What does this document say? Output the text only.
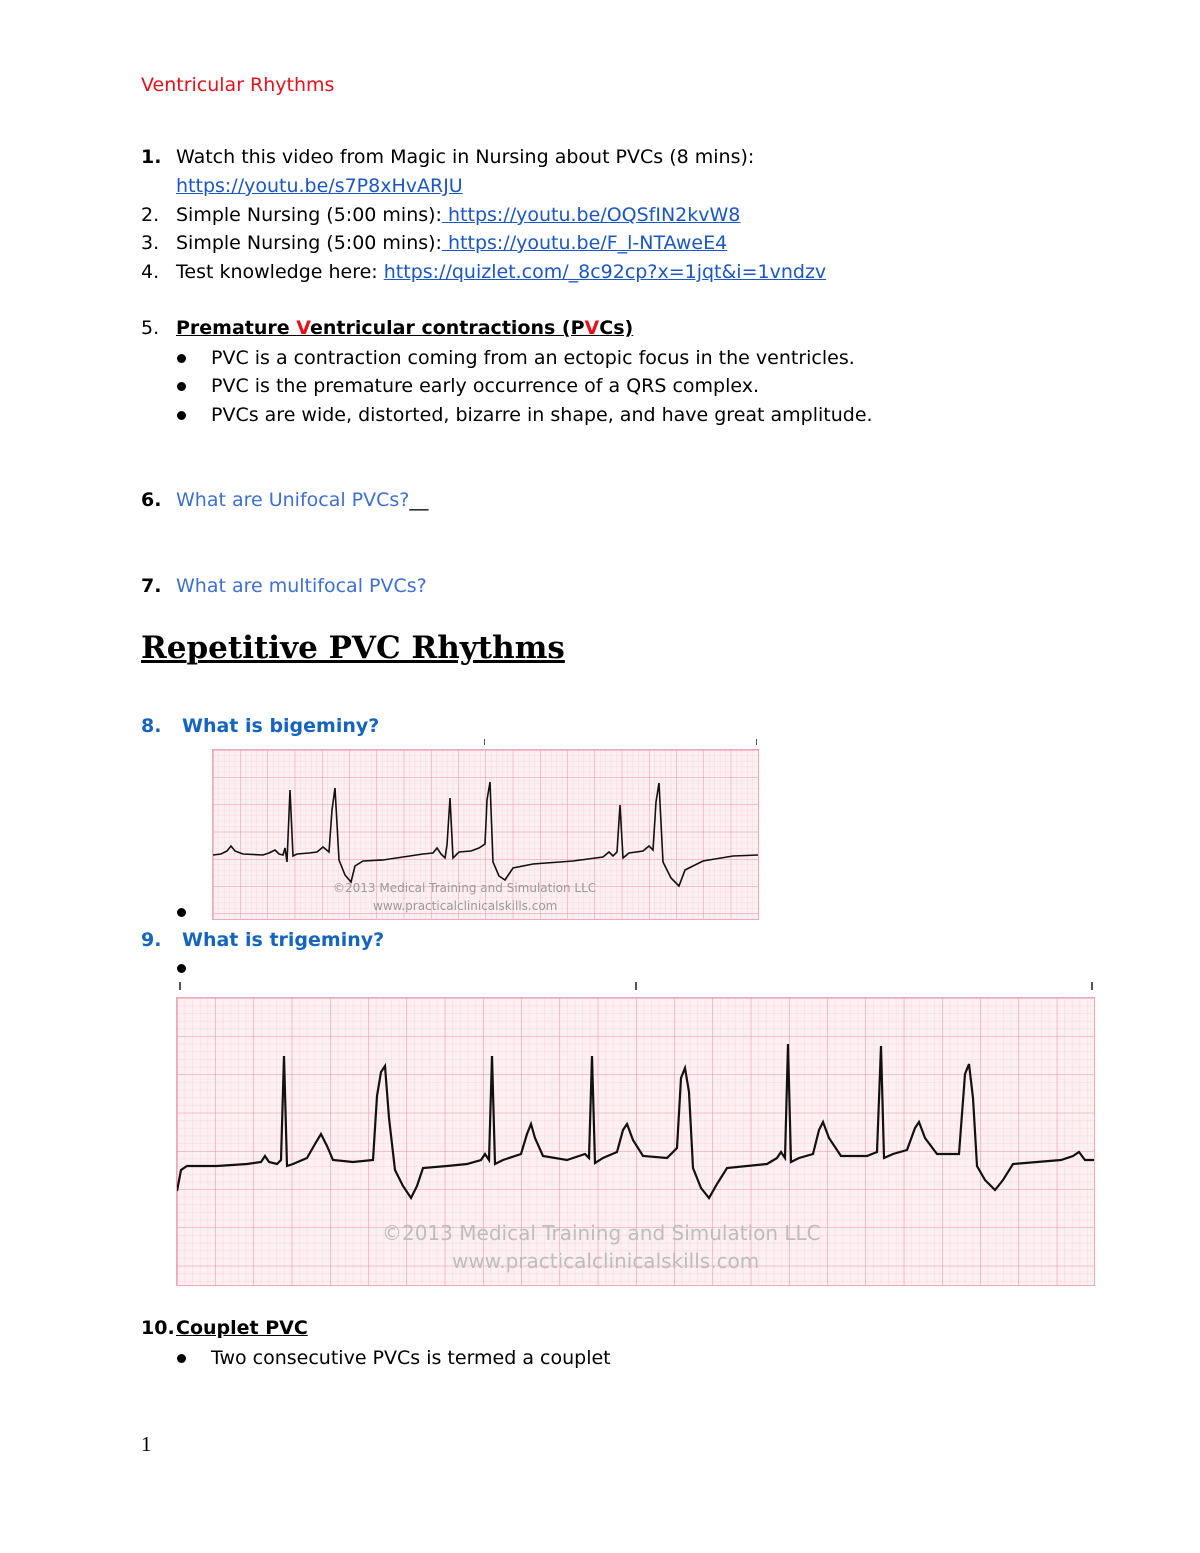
Ventricular Rhythms
1. Watch this video from Magic in Nursing about PVCs (8 mins):
https://youtu.be/s7P8xHvARJU
2. Simple Nursing (5:00 mins): https://youtu.be/OQSfIN2kvW8
3. Simple Nursing (5:00 mins): https://youtu.be/F_l-NTAweE4
4. Test knowledge here: https://quizlet.com/_8c92cp?x=1jqt&i=1vndzv
5. Premature Ventricular contractions (PVCs)
PVC is a contraction coming from an ectopic focus in the ventricles.
PVC is the premature early occurrence of a QRS complex.
PVCs are wide, distorted, bizarre in shape, and have great amplitude.
6. What are Unifocal PVCs?__
7. What are multifocal PVCs?
Repetitive PVC Rhythms
8.	What is bigeminy?
©2013 Medical Training and Simulation LLC
www.practicalclinicalskills.com
9.	What is trigeminy?
©2013 Medical Training and Simulation LLC
www.practicalclinicalskills.com
10. Couplet PVC
Two consecutive PVCs is termed a couplet
1
